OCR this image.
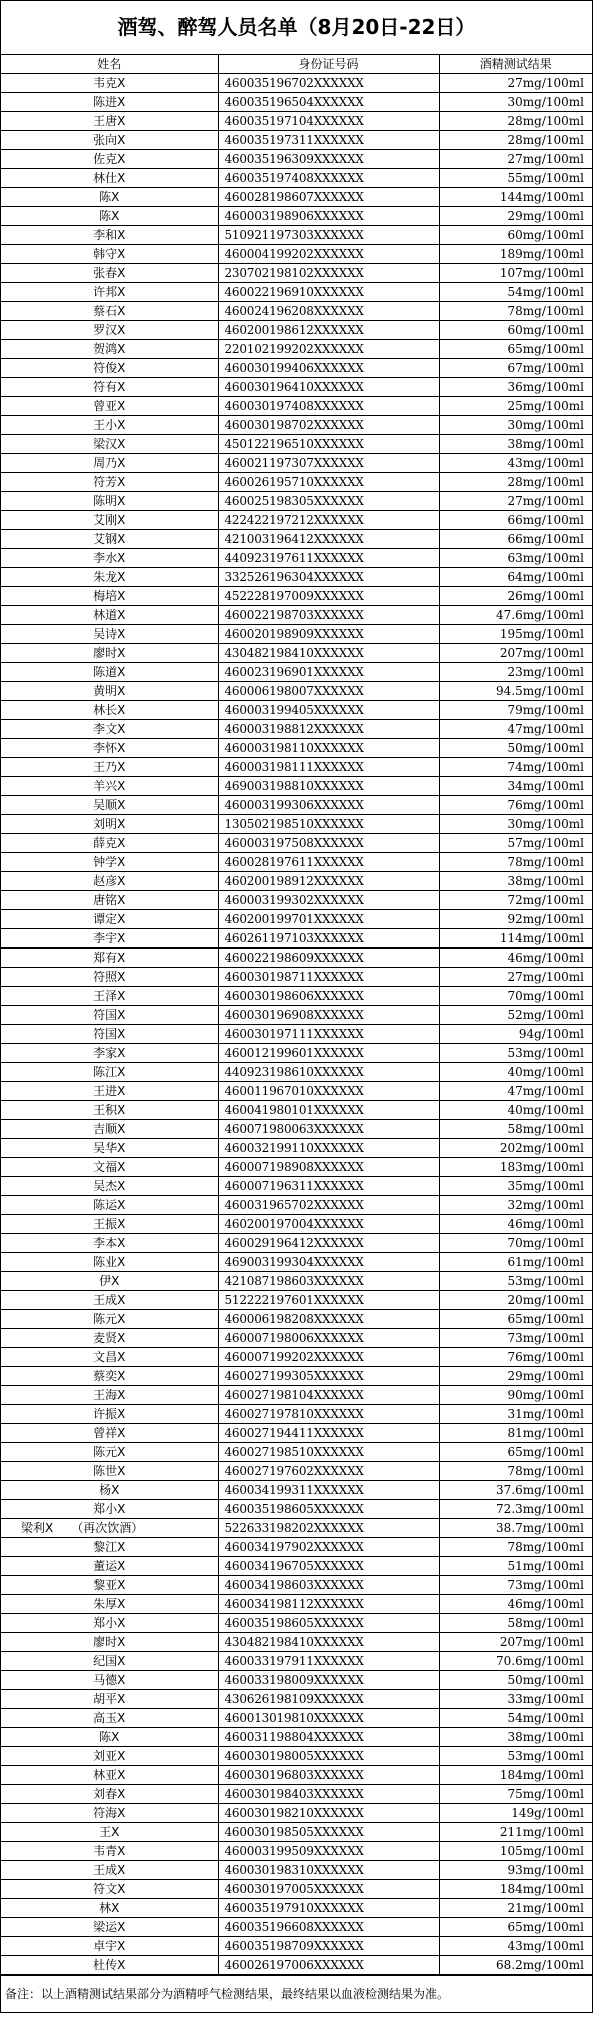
酒驾、醉驾人员名单（8月20日-22日）
姓名	身份证号码	酒精测试结果
韦克X	460035196702XXXXXX	27mg/100ml
陈进X	460035196504XXXXXX	30mg/100ml
王唐X	460035197104XXXXXX	28mg/100ml
张向X	460035197311XXXXXX	28mg/100ml
佐克X	460035196309XXXXXX	27mg/100ml
林仕X	460035197408XXXXXX	55mg/100ml
陈X	460028198607XXXXXX	144mg/100ml
陈X	460003198906XXXXXX	29mg/100ml
李和X	510921197303XXXXXX	60mg/100ml
韩守X	460004199202XXXXXX	189mg/100ml
张春X	230702198102XXXXXX	107mg/100ml
许邦X	460022196910XXXXXX	54mg/100ml
蔡石X	460024196208XXXXXX	78mg/100ml
罗汉X	460200198612XXXXXX	60mg/100ml
贺鸿X	220102199202XXXXXX	65mg/100ml
符俊X	460030199406XXXXXX	67mg/100ml
符有X	460030196410XXXXXX	36mg/100ml
曾亚X	460030197408XXXXXX	25mg/100ml
王小X	460030198702XXXXXX	30mg/100ml
梁汉X	450122196510XXXXXX	38mg/100ml
周乃X	460021197307XXXXXX	43mg/100ml
符芳X	460026195710XXXXXX	28mg/100ml
陈明X	460025198305XXXXXX	27mg/100ml
艾刚X	422422197212XXXXXX	66mg/100ml
艾钢X	421003196412XXXXXX	66mg/100ml
李水X	440923197611XXXXXX	63mg/100ml
朱龙X	332526196304XXXXXX	64mg/100ml
梅培X	452228197009XXXXXX	26mg/100ml
林道X	460022198703XXXXXX	47.6mg/100ml
吴诗X	460020198909XXXXXX	195mg/100ml
廖时X	430482198410XXXXXX	207mg/100ml
陈道X	460023196901XXXXXX	23mg/100ml
黄明X	460006198007XXXXXX	94.5mg/100ml
林长X	460003199405XXXXXX	79mg/100ml
李文X	460003198812XXXXXX	47mg/100ml
李怀X	460003198110XXXXXX	50mg/100ml
王乃X	460003198111XXXXXX	74mg/100ml
羊兴X	469003198810XXXXXX	34mg/100ml
吴顺X	460003199306XXXXXX	76mg/100ml
刘明X	130502198510XXXXXX	30mg/100ml
薛克X	460003197508XXXXXX	57mg/100ml
钟学X	460028197611XXXXXX	78mg/100ml
赵彦X	460200198912XXXXXX	38mg/100ml
唐铭X	460003199302XXXXXX	72mg/100ml
谭定X	460200199701XXXXXX	92mg/100ml
李宇X	460261197103XXXXXX	114mg/100ml
郑有X	460022198609XXXXXX	46mg/100ml
符照X	460030198711XXXXXX	27mg/100ml
王泽X	460030198606XXXXXX	70mg/100ml
符国X	460030196908XXXXXX	52mg/100ml
符国X	460030197111XXXXXX	94g/100ml
李家X	460012199601XXXXXX	53mg/100ml
陈江X	440923198610XXXXXX	40mg/100ml
王进X	460011967010XXXXXX	47mg/100ml
王积X	460041980101XXXXXX	40mg/100ml
吉顺X	460071980063XXXXXX	58mg/100ml
吴华X	460032199110XXXXXX	202mg/100ml
文福X	460007198908XXXXXX	183mg/100ml
吴杰X	460007196311XXXXXX	35mg/100ml
陈运X	460031965702XXXXXX	32mg/100ml
王振X	460200197004XXXXXX	46mg/100ml
李本X	460029196412XXXXXX	70mg/100ml
陈业X	469003199304XXXXXX	61mg/100ml
伊X	421087198603XXXXXX	53mg/100ml
王成X	512222197601XXXXXX	20mg/100ml
陈元X	460006198208XXXXXX	65mg/100ml
麦贤X	460007198006XXXXXX	73mg/100ml
文昌X	460007199202XXXXXX	76mg/100ml
蔡奕X	460027199305XXXXXX	29mg/100ml
王海X	460027198104XXXXXX	90mg/100ml
许振X	460027197810XXXXXX	31mg/100ml
曾祥X	460027194411XXXXXX	81mg/100ml
陈元X	460027198510XXXXXX	65mg/100ml
陈世X	460027197602XXXXXX	78mg/100ml
杨X	460034199311XXXXXX	37.6mg/100ml
郑小X	460035198605XXXXXX	72.3mg/100ml
梁利X　　（再次饮酒）	522633198202XXXXXX	38.7mg/100ml
黎江X	460034197902XXXXXX	78mg/100ml
董运X	460034196705XXXXXX	51mg/100ml
黎亚X	460034198603XXXXXX	73mg/100ml
朱厚X	460034198112XXXXXX	46mg/100ml
郑小X	460035198605XXXXXX	58mg/100ml
廖时X	430482198410XXXXXX	207mg/100ml
纪国X	460033197911XXXXXX	70.6mg/100ml
马德X	460033198009XXXXXX	50mg/100ml
胡平X	430626198109XXXXXX	33mg/100ml
高玉X	460013019810XXXXXX	54mg/100ml
陈X	460031198804XXXXXX	38mg/100ml
刘亚X	460030198005XXXXXX	53mg/100ml
林亚X	460030196803XXXXXX	184mg/100ml
刘春X	460030198403XXXXXX	75mg/100ml
符海X	460030198210XXXXXX	149g/100ml
王X	460030198505XXXXXX	211mg/100ml
韦青X	460003199509XXXXXX	105mg/100ml
王成X	460030198310XXXXXX	93mg/100ml
符文X	460030197005XXXXXX	184mg/100ml
林X	460035197910XXXXXX	21mg/100ml
梁运X	460035196608XXXXXX	65mg/100ml
卓宇X	460035198709XXXXXX	43mg/100ml
杜传X	460026197006XXXXXX	68.2mg/100ml
备注：以上酒精测试结果部分为酒精呼气检测结果，最终结果以血液检测结果为准。
